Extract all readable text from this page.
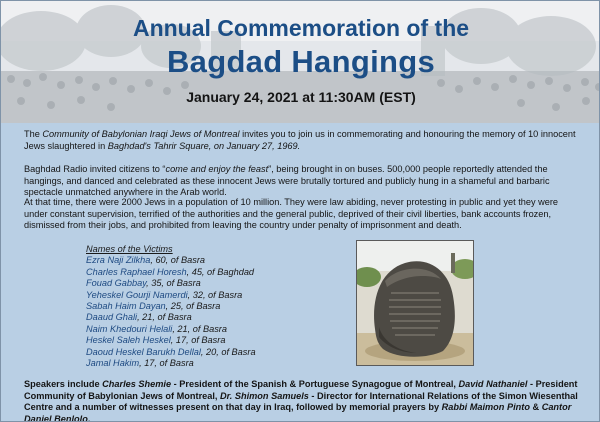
Annual Commemoration of the
Bagdad Hangings
January 24, 2021 at 11:30AM (EST)

The Community of Babylonian Iraqi Jews of Montreal invites you to join us in commemorating and honouring the memory of 10 innocent Jews slaughtered in Baghdad's Tahrir Square, on January 27, 1969.

Baghdad Radio invited citizens to “come and enjoy the feast”, being brought in on buses. 500,000 people reportedly attended the hangings, and danced and celebrated as these innocent Jews were brutally tortured and publicly hung in a shameful and barbaric spectacle unmatched anywhere in the Arab world.

At that time, there were 2000 Jews in a population of 10 million. They were law abiding, never protesting in public and yet they were under constant supervision, terrified of the authorities and the general public, deprived of their civil liberties, bank accounts frozen, dismissed from their jobs, and prohibited from leaving the country under penalty of imprisonment and death.

Names of the Victims
Ezra Naji Zilkha, 60, of Basra
Charles Raphael Horesh, 45, of Baghdad
Fouad Gabbay, 35, of Basra
Yeheskel Gourji Namerdi, 32, of Basra
Sabah Haim Dayan, 25, of Basra
Daaud Ghali, 21, of Basra
Naim Khedouri Helali, 21, of Basra
Heskel Saleh Heskel, 17, of Basra
Daoud Heskel Barukh Dellal, 20, of Basra
Jamal Hakim, 17, of Basra

Speakers include Charles Shemie - President of the Spanish & Portuguese Synagogue of Montreal, David Nathaniel - President Community of Babylonian Jews of Montreal, Dr. Shimon Samuels - Director for International Relations of the Simon Wiesenthal Centre and a number of witnesses present on that day in Iraq, followed by memorial prayers by Rabbi Maimon Pinto & Cantor Daniel Benlolo.
